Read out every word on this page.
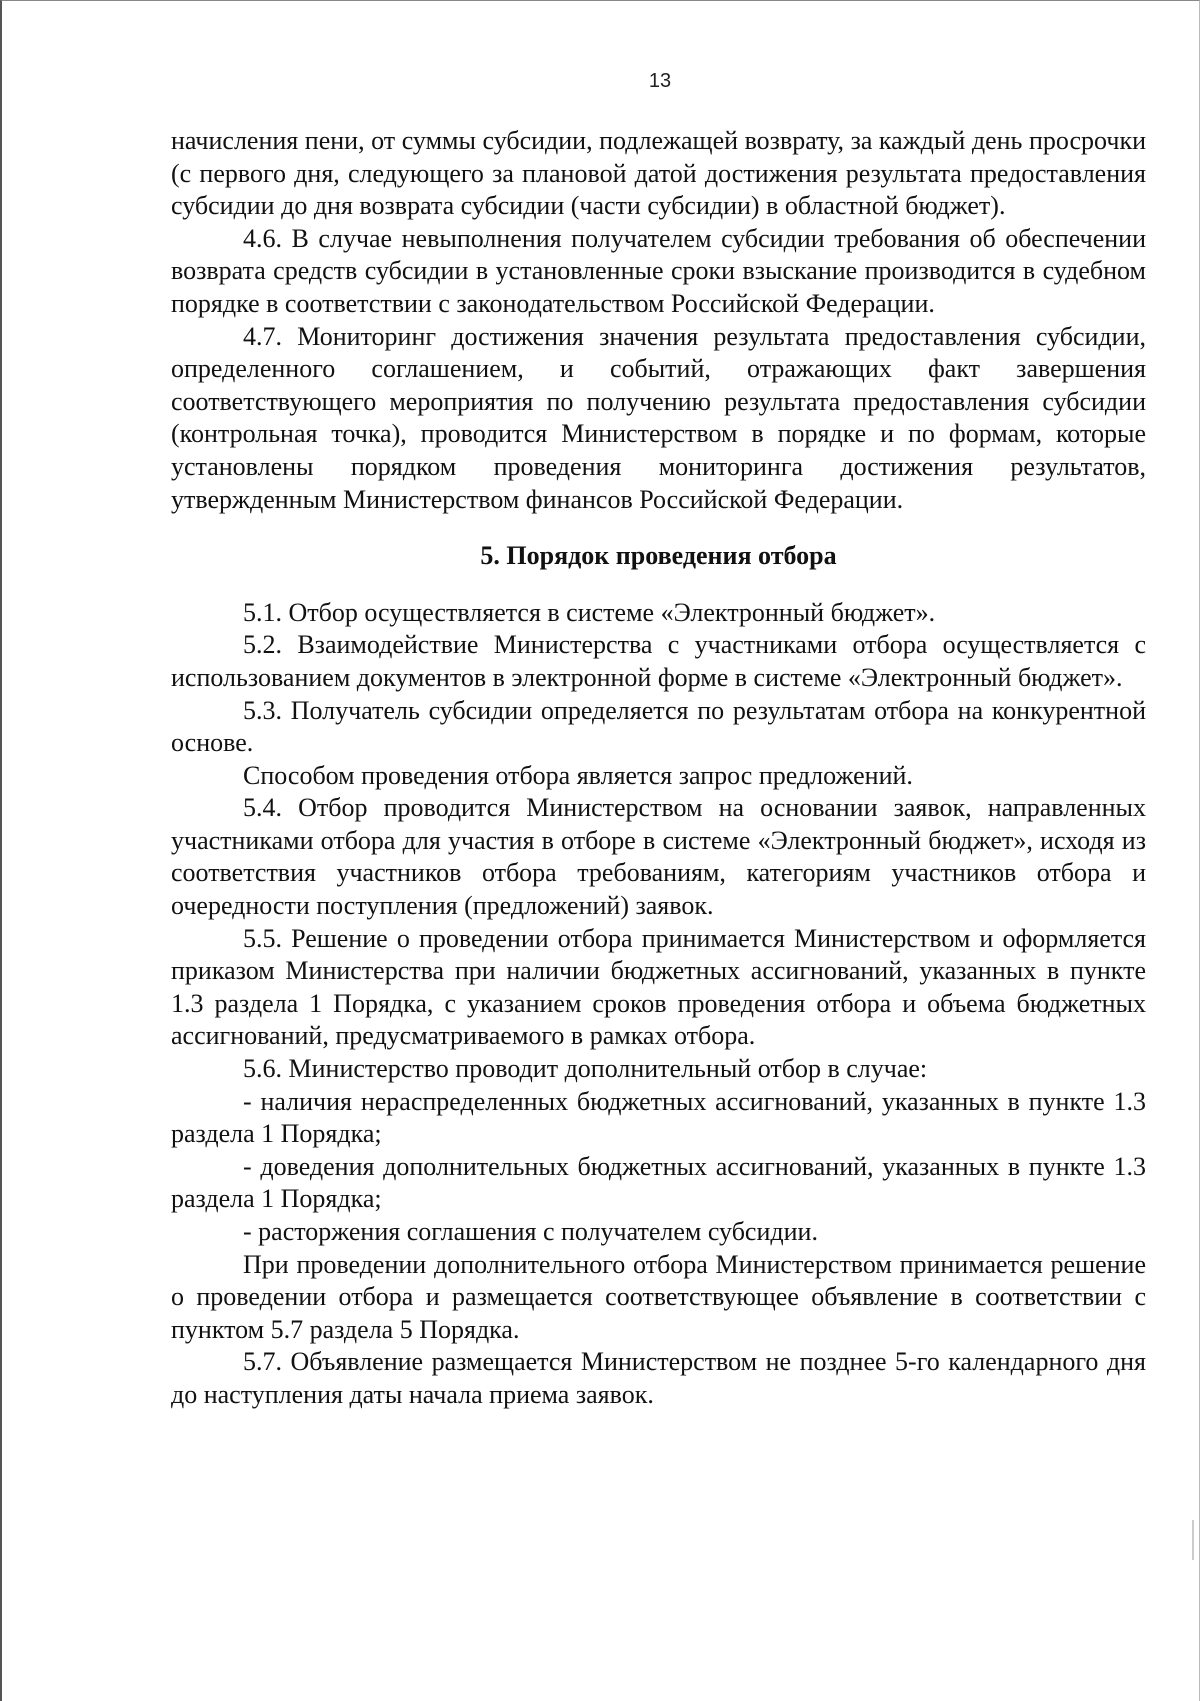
13

начисления пени, от суммы субсидии, подлежащей возврату, за каждый день просрочки (с первого дня, следующего за плановой датой достижения результата предоставления субсидии до дня возврата субсидии (части субсидии) в областной бюджет).

4.6. В случае невыполнения получателем субсидии требования об обеспечении возврата средств субсидии в установленные сроки взыскание производится в судебном порядке в соответствии с законодательством Российской Федерации.

4.7. Мониторинг достижения значения результата предоставления субсидии, определенного соглашением, и событий, отражающих факт завершения соответствующего мероприятия по получению результата предоставления субсидии (контрольная точка), проводится Министерством в порядке и по формам, которые установлены порядком проведения мониторинга достижения результатов, утвержденным Министерством финансов Российской Федерации.

5. Порядок проведения отбора

5.1. Отбор осуществляется в системе «Электронный бюджет».

5.2. Взаимодействие Министерства с участниками отбора осуществляется с использованием документов в электронной форме в системе «Электронный бюджет».

5.3. Получатель субсидии определяется по результатам отбора на конкурентной основе.

Способом проведения отбора является запрос предложений.

5.4. Отбор проводится Министерством на основании заявок, направленных участниками отбора для участия в отборе в системе «Электронный бюджет», исходя из соответствия участников отбора требованиям, категориям участников отбора и очередности поступления (предложений) заявок.

5.5. Решение о проведении отбора принимается Министерством и оформляется приказом Министерства при наличии бюджетных ассигнований, указанных в пункте 1.3 раздела 1 Порядка, с указанием сроков проведения отбора и объема бюджетных ассигнований, предусматриваемого в рамках отбора.

5.6. Министерство проводит дополнительный отбор в случае:

- наличия нераспределенных бюджетных ассигнований, указанных в пункте 1.3 раздела 1 Порядка;

- доведения дополнительных бюджетных ассигнований, указанных в пункте 1.3 раздела 1 Порядка;

- расторжения соглашения с получателем субсидии.

При проведении дополнительного отбора Министерством принимается решение о проведении отбора и размещается соответствующее объявление в соответствии с пунктом 5.7 раздела 5 Порядка.

5.7. Объявление размещается Министерством не позднее 5-го календарного дня до наступления даты начала приема заявок.
